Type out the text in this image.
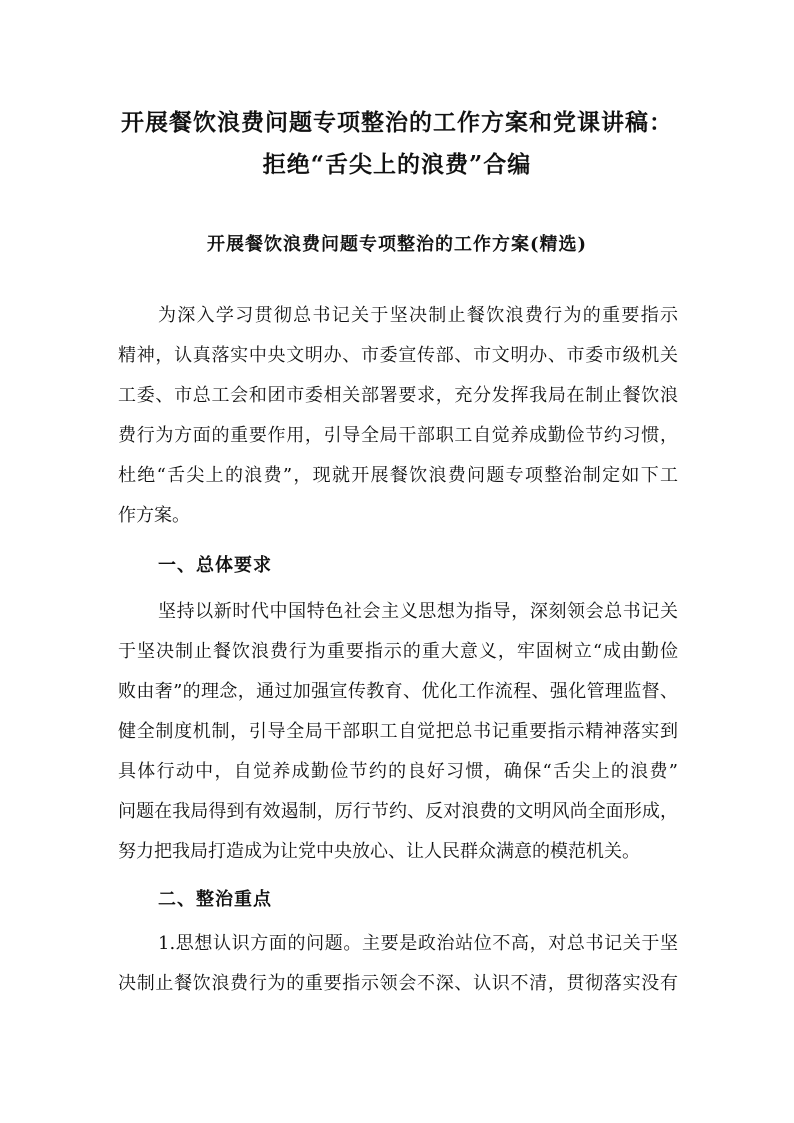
开展餐饮浪费问题专项整治的工作方案和党课讲稿：
拒绝“舌尖上的浪费”合编
开展餐饮浪费问题专项整治的工作方案(精选)
为深入学习贯彻总书记关于坚决制止餐饮浪费行为的重要指示
精神，认真落实中央文明办、市委宣传部、市文明办、市委市级机关
工委、市总工会和团市委相关部署要求，充分发挥我局在制止餐饮浪
费行为方面的重要作用，引导全局干部职工自觉养成勤俭节约习惯，
杜绝“舌尖上的浪费”，现就开展餐饮浪费问题专项整治制定如下工
作方案。
一、总体要求
坚持以新时代中国特色社会主义思想为指导，深刻领会总书记关
于坚决制止餐饮浪费行为重要指示的重大意义，牢固树立“成由勤俭
败由奢”的理念，通过加强宣传教育、优化工作流程、强化管理监督、
健全制度机制，引导全局干部职工自觉把总书记重要指示精神落实到
具体行动中，自觉养成勤俭节约的良好习惯，确保“舌尖上的浪费”
问题在我局得到有效遏制，厉行节约、反对浪费的文明风尚全面形成，
努力把我局打造成为让党中央放心、让人民群众满意的模范机关。
二、整治重点
1.思想认识方面的问题。主要是政治站位不高，对总书记关于坚
决制止餐饮浪费行为的重要指示领会不深、认识不清，贯彻落实没有
